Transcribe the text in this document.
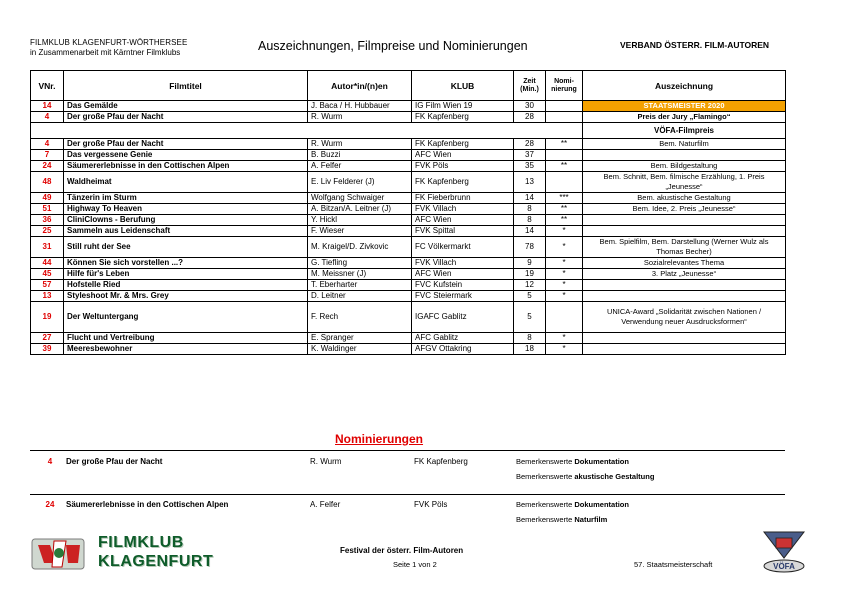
FILMKLUB KLAGENFURT-WÖRTHERSEE
in Zusammenarbeit mit Kärntner Filmklubs	Auszeichnungen, Filmpreise und Nominierungen	VERBAND ÖSTERR. FILM-AUTOREN
VNr.	Filmtitel	Autor*in/(n)en	KLUB	Zeit (Min.)	Nomi-nierung	Auszeichnung
14	Das Gemälde	J. Baca / H. Hubbauer	IG Film Wien 19	30		STAATSMEISTER 2020
4	Der große Pfau der Nacht	R. Wurm	FK Kapfenberg	28		Preis der Jury „Flamingo“
						VÖFA-Filmpreis
4	Der große Pfau der Nacht	R. Wurm	FK Kapfenberg	28	**	Bem. Naturfilm
7	Das vergessene Genie	B. Buzzi	AFC Wien	37		
24	Säumererlebnisse in den Cottischen Alpen	A. Felfer	FVK Pöls	35	**	Bem. Bildgestaltung
48	Waldheimat	E. Liv Felderer (J)	FK Kapfenberg	13		Bem. Schnitt, Bem. filmische Erzählung, 1. Preis „Jeunesse“
49	Tänzerin im Sturm	Wolfgang Schwaiger	FK Fieberbrunn	14	***	Bem. akustische Gestaltung
51	Highway To Heaven	A. Bitzan/A. Leitner (J)	FVK Villach	8	**	Bem. Idee, 2. Preis „Jeunesse“
36	CliniClowns - Berufung	Y. Hickl	AFC Wien	8	**	
25	Sammeln aus Leidenschaft	F. Wieser	FVK Spittal	14	*	
31	Still ruht der See	M. Kraigel/D. Zivkovic	FC Völkermarkt	78	*	Bem. Spielfilm, Bem. Darstellung (Werner Wulz als Thomas Becher)
44	Können Sie sich vorstellen ...?	G. Tiefling	FVK Villach	9	*	Sozialrelevantes Thema
45	Hilfe für's Leben	M. Meissner (J)	AFC Wien	19	*	3. Platz „Jeunesse“
57	Hofstelle Ried	T. Eberharter	FVC Kufstein	12	*	
13	Styleshoot Mr. & Mrs. Grey	D. Leitner	FVC Steiermark	5	*	
19	Der Weltuntergang	F. Rech	IGAFC Gablitz	5		UNICA-Award „Solidarität zwischen Nationen / Verwendung neuer Ausdrucksformen“
27	Flucht und Vertreibung	E. Spranger	AFC Gablitz	8	*	
39	Meeresbewohner	K. Waldinger	AFGV Ottakring	18	*	
Nominierungen
4	Der große Pfau der Nacht	R. Wurm	FK Kapfenberg	Bemerkenswerte Dokumentation
Bemerkenswerte akustische Gestaltung
24	Säumererlebnisse in den Cottischen Alpen	A. Felfer	FVK Pöls	Bemerkenswerte Dokumentation
Bemerkenswerte Naturfilm
FILMKLUB
KLAGENFURT
Festival der österr. Film-Autoren
Seite 1 von 2	57. Staatsmeisterschaft	VÖFA
